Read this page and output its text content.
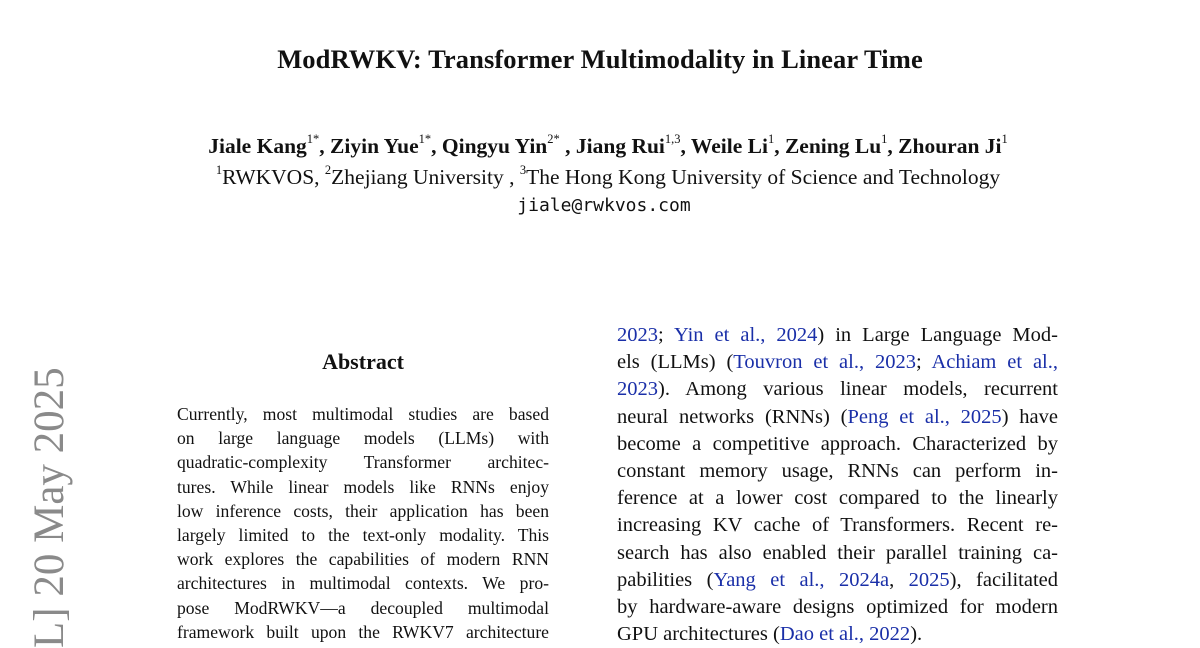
ModRWKV: Transformer Multimodality in Linear Time
Jiale Kang$^{1*}$, Ziyin Yue$^{1*}$, Qingyu Yin$^{2*}$ , Jiang Rui$^{1,3}$, Weile Li$^1$, Zening Lu$^1$, Zhouran Ji$^1$
$^1$RWKVOS, $^2$Zhejiang University , $^3$The Hong Kong University of Science and Technology
jiale@rwkvos.com
L] 20 May 2025
Abstract
Currently, most multimodal studies are based
on large language models (LLMs) with
quadratic-complexity Transformer architec-
tures. While linear models like RNNs enjoy
low inference costs, their application has been
largely limited to the text-only modality. This
work explores the capabilities of modern RNN
architectures in multimodal contexts. We pro-
pose ModRWKV—a decoupled multimodal
framework built upon the RWKV7 architecture
2023; Yin et al., 2024) in Large Language Mod-
els (LLMs) (Touvron et al., 2023; Achiam et al.,
2023). Among various linear models, recurrent
neural networks (RNNs) (Peng et al., 2025) have
become a competitive approach. Characterized by
constant memory usage, RNNs can perform in-
ference at a lower cost compared to the linearly
increasing KV cache of Transformers. Recent re-
search has also enabled their parallel training ca-
pabilities (Yang et al., 2024a, 2025), facilitated
by hardware-aware designs optimized for modern
GPU architectures (Dao et al., 2022).
